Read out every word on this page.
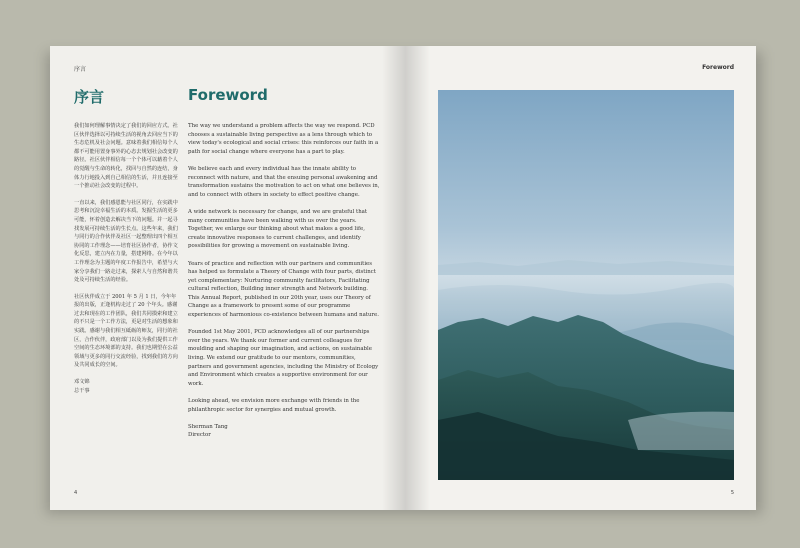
序言
序言	Foreword

我们如何理解事情决定了我们的回应方式。社区伙伴选择以可持续生活的视角去回应当下的生态危机及社会问题。意味着我们相信每个人都不可能用置身事外的心态去规划社会改变的路径。社区伙伴相信每一个个体可以藉着个人的觉醒与生命的转化，找回与自然的连结，身体力行地投入到自己相信的生活，并且连接至一个推动社会改变的过程中。

一直以来，我们感恩能与社区同行，在实践中思考和沉淀幸福生活的本质。发掘生活的更多可能，怀着创造去解决当下的问题。并一起寻找发展可持续生活的生长点。这些年来，我们与同行的合作伙伴及社区一起整理出四个相互协同的工作理念——培育社区协作者，协作文化反思，建立内在力量，搭建网络。在今年以工作理念为主题的年度工作报告中，希望与大家分享我们一路走过来，探索人与自然和谐共处及可持续生活的经验。

社区伙伴成立于 2001 年 5 月 1 日，今年年报的出版，正逢机构走过了 20 个年头。感谢过去和现在的工作团队，我们共同摸索和建立的不只是一个工作方法，更是对生活的想象和实践。感谢与我们相互砥砺的师友，同行的社区，合作伙伴，政府部门以及为我们提供工作空间的生态环境部的支持。我们也期望在公益领域与更多的同行交流经验，找到我们的方向及共同成长的空间。

邓文锦
总干事

The way we understand a problem affects the way we respond. PCD chooses a sustainable living perspective as a lens through which to view today's ecological and social crises: this reinforces our faith in a path for social change where everyone has a part to play.

We believe each and every individual has the innate ability to reconnect with nature, and that the ensuing personal awakening and transformation sustains the motivation to act on what one believes in, and to connect with others in society to effect positive change.

A wide network is necessary for change, and we are grateful that many communities have been walking with us over the years. Together, we enlarge our thinking about what makes a good life, create innovative responses to current challenges, and identify possibilities for growing a movement on sustainable living.

Years of practice and reflection with our partners and communities has helped us formulate a Theory of Change with four parts, distinct yet complementary: Nurturing community facilitators, Facilitating cultural reflection, Building inner strength and Network building. This Annual Report, published in our 20th year, uses our Theory of Change as a framework to present some of our programme experiences of harmonious co-existence between humans and nature.

Founded 1st May 2001, PCD acknowledges all of our partnerships over the years. We thank our former and current colleagues for moulding and shaping our imagination, and actions, on sustainable living. We extend our gratitude to our mentors, communities, partners and government agencies, including the Ministry of Ecology and Environment which creates a supportive environment for our work.

Looking ahead, we envision more exchange with friends in the philanthropic sector for synergies and mutual growth.

Sherman Tang
Director
4
Foreword
5
